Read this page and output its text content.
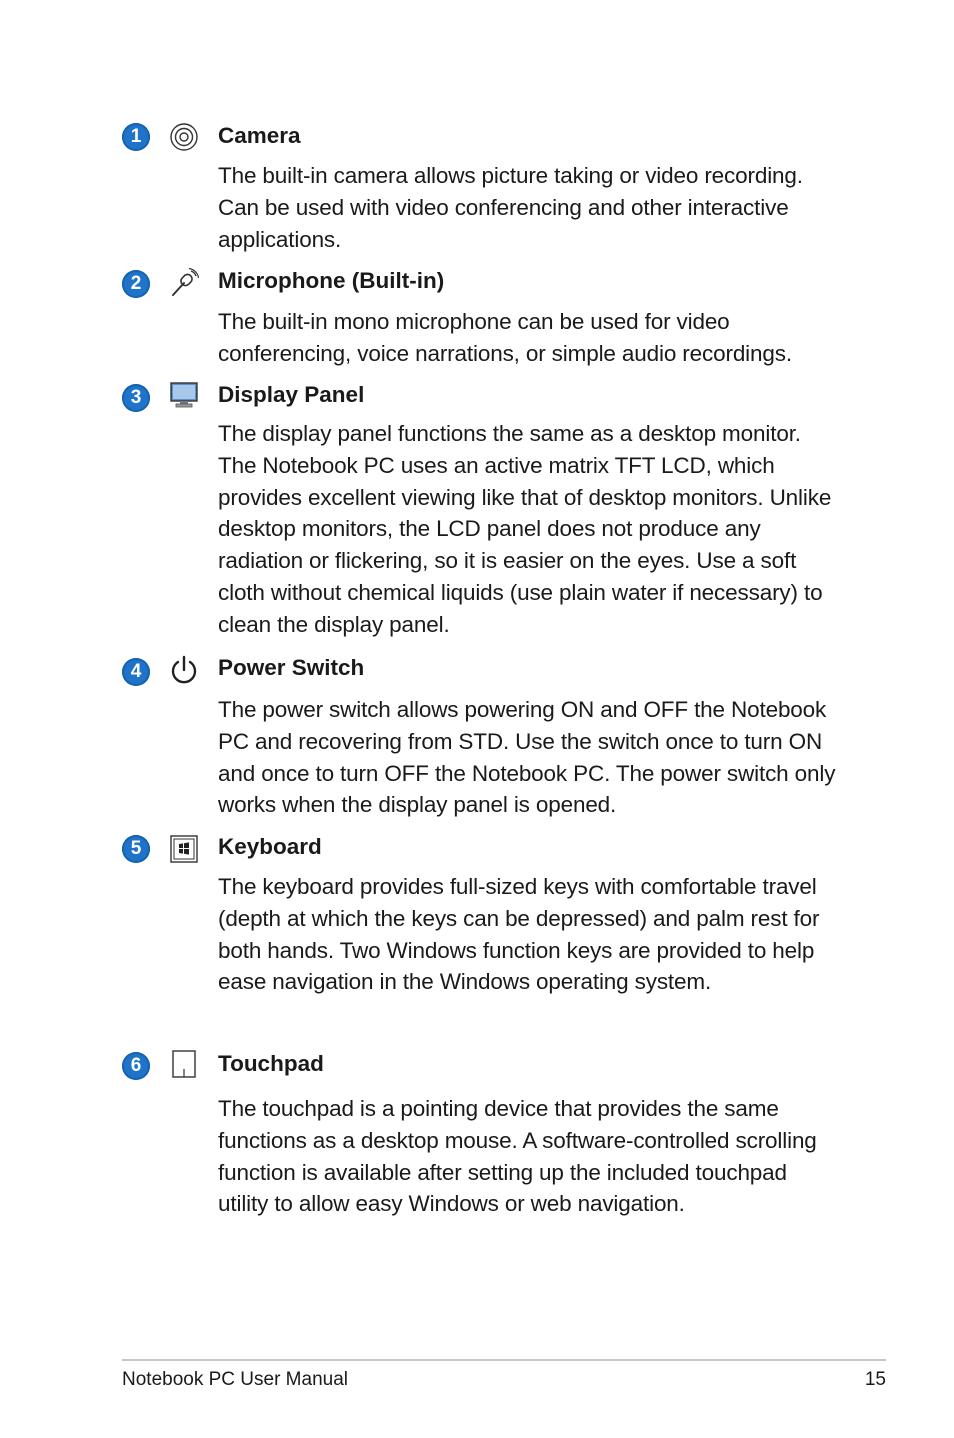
1	Camera

The built-in camera allows picture taking or video recording. Can be used with video conferencing and other interactive applications.

2	Microphone (Built-in)

The built-in mono microphone can be used for video conferencing, voice narrations, or simple audio recordings.

3	Display Panel

The display panel functions the same as a desktop monitor. The Notebook PC uses an active matrix TFT LCD, which provides excellent viewing like that of desktop monitors. Unlike desktop monitors, the LCD panel does not produce any radiation or flickering, so it is easier on the eyes. Use a soft cloth without chemical liquids (use plain water if necessary) to clean the display panel.

4	Power Switch

The power switch allows powering ON and OFF the Notebook PC and recovering from STD. Use the switch once to turn ON and once to turn OFF the Notebook PC. The power switch only works when the display panel is opened.

5	Keyboard

The keyboard provides full-sized keys with comfortable travel (depth at which the keys can be depressed) and palm rest for both hands. Two Windows function keys are provided to help ease navigation in the Windows operating system.

6	Touchpad

The touchpad is a pointing device that provides the same functions as a desktop mouse. A software-controlled scrolling function is available after setting up the included touchpad utility to allow easy Windows or web navigation.

Notebook PC User Manual	15
